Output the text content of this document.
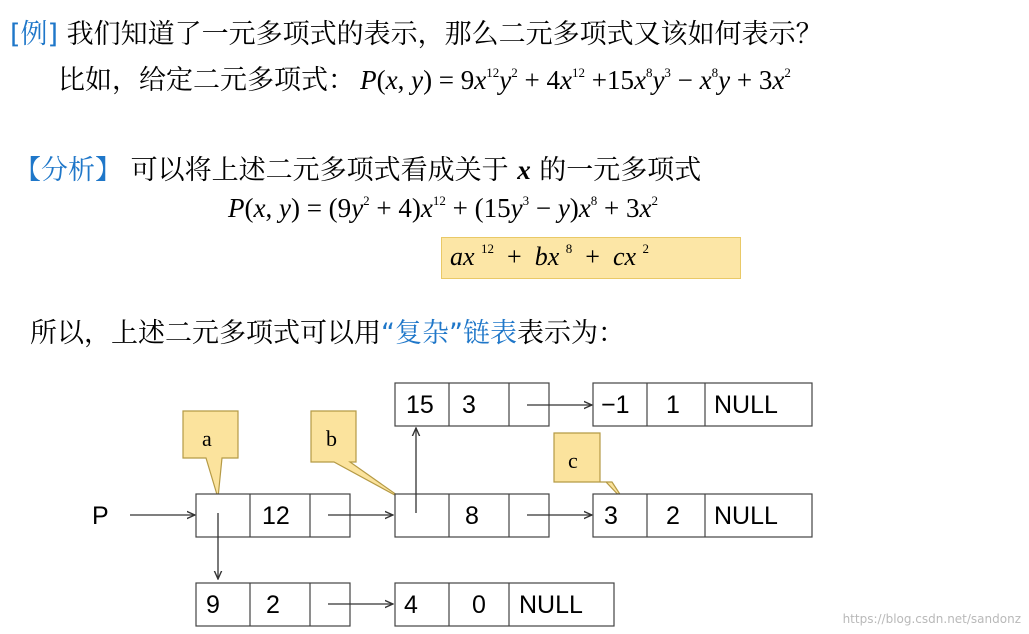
[例] 我们知道了一元多项式的表示，那么二元多项式又该如何表示？
比如，给定二元多项式： P(x, $y) = 9x^{12}y^2 + 4x^{12} +15x^8y^3 - x^8y + 3x^2$
【分析】 可以将上述二元多项式看成关于 x 的一元多项式
P(x, $y) = (9y^2 + 4)x^{12} + (15y^3 - y)x^8 + 3x^2$
ax  $^{12}$  +  bx  $^8$  +  cx  $^2$
所以，上述二元多项式可以用“复杂”链表表示为：
a	b
c
P
15 3	−1 1 NULL
12	8	3 2 NULL
9 2	4 0 NULL	https://blog.csdn.net/sandonz
